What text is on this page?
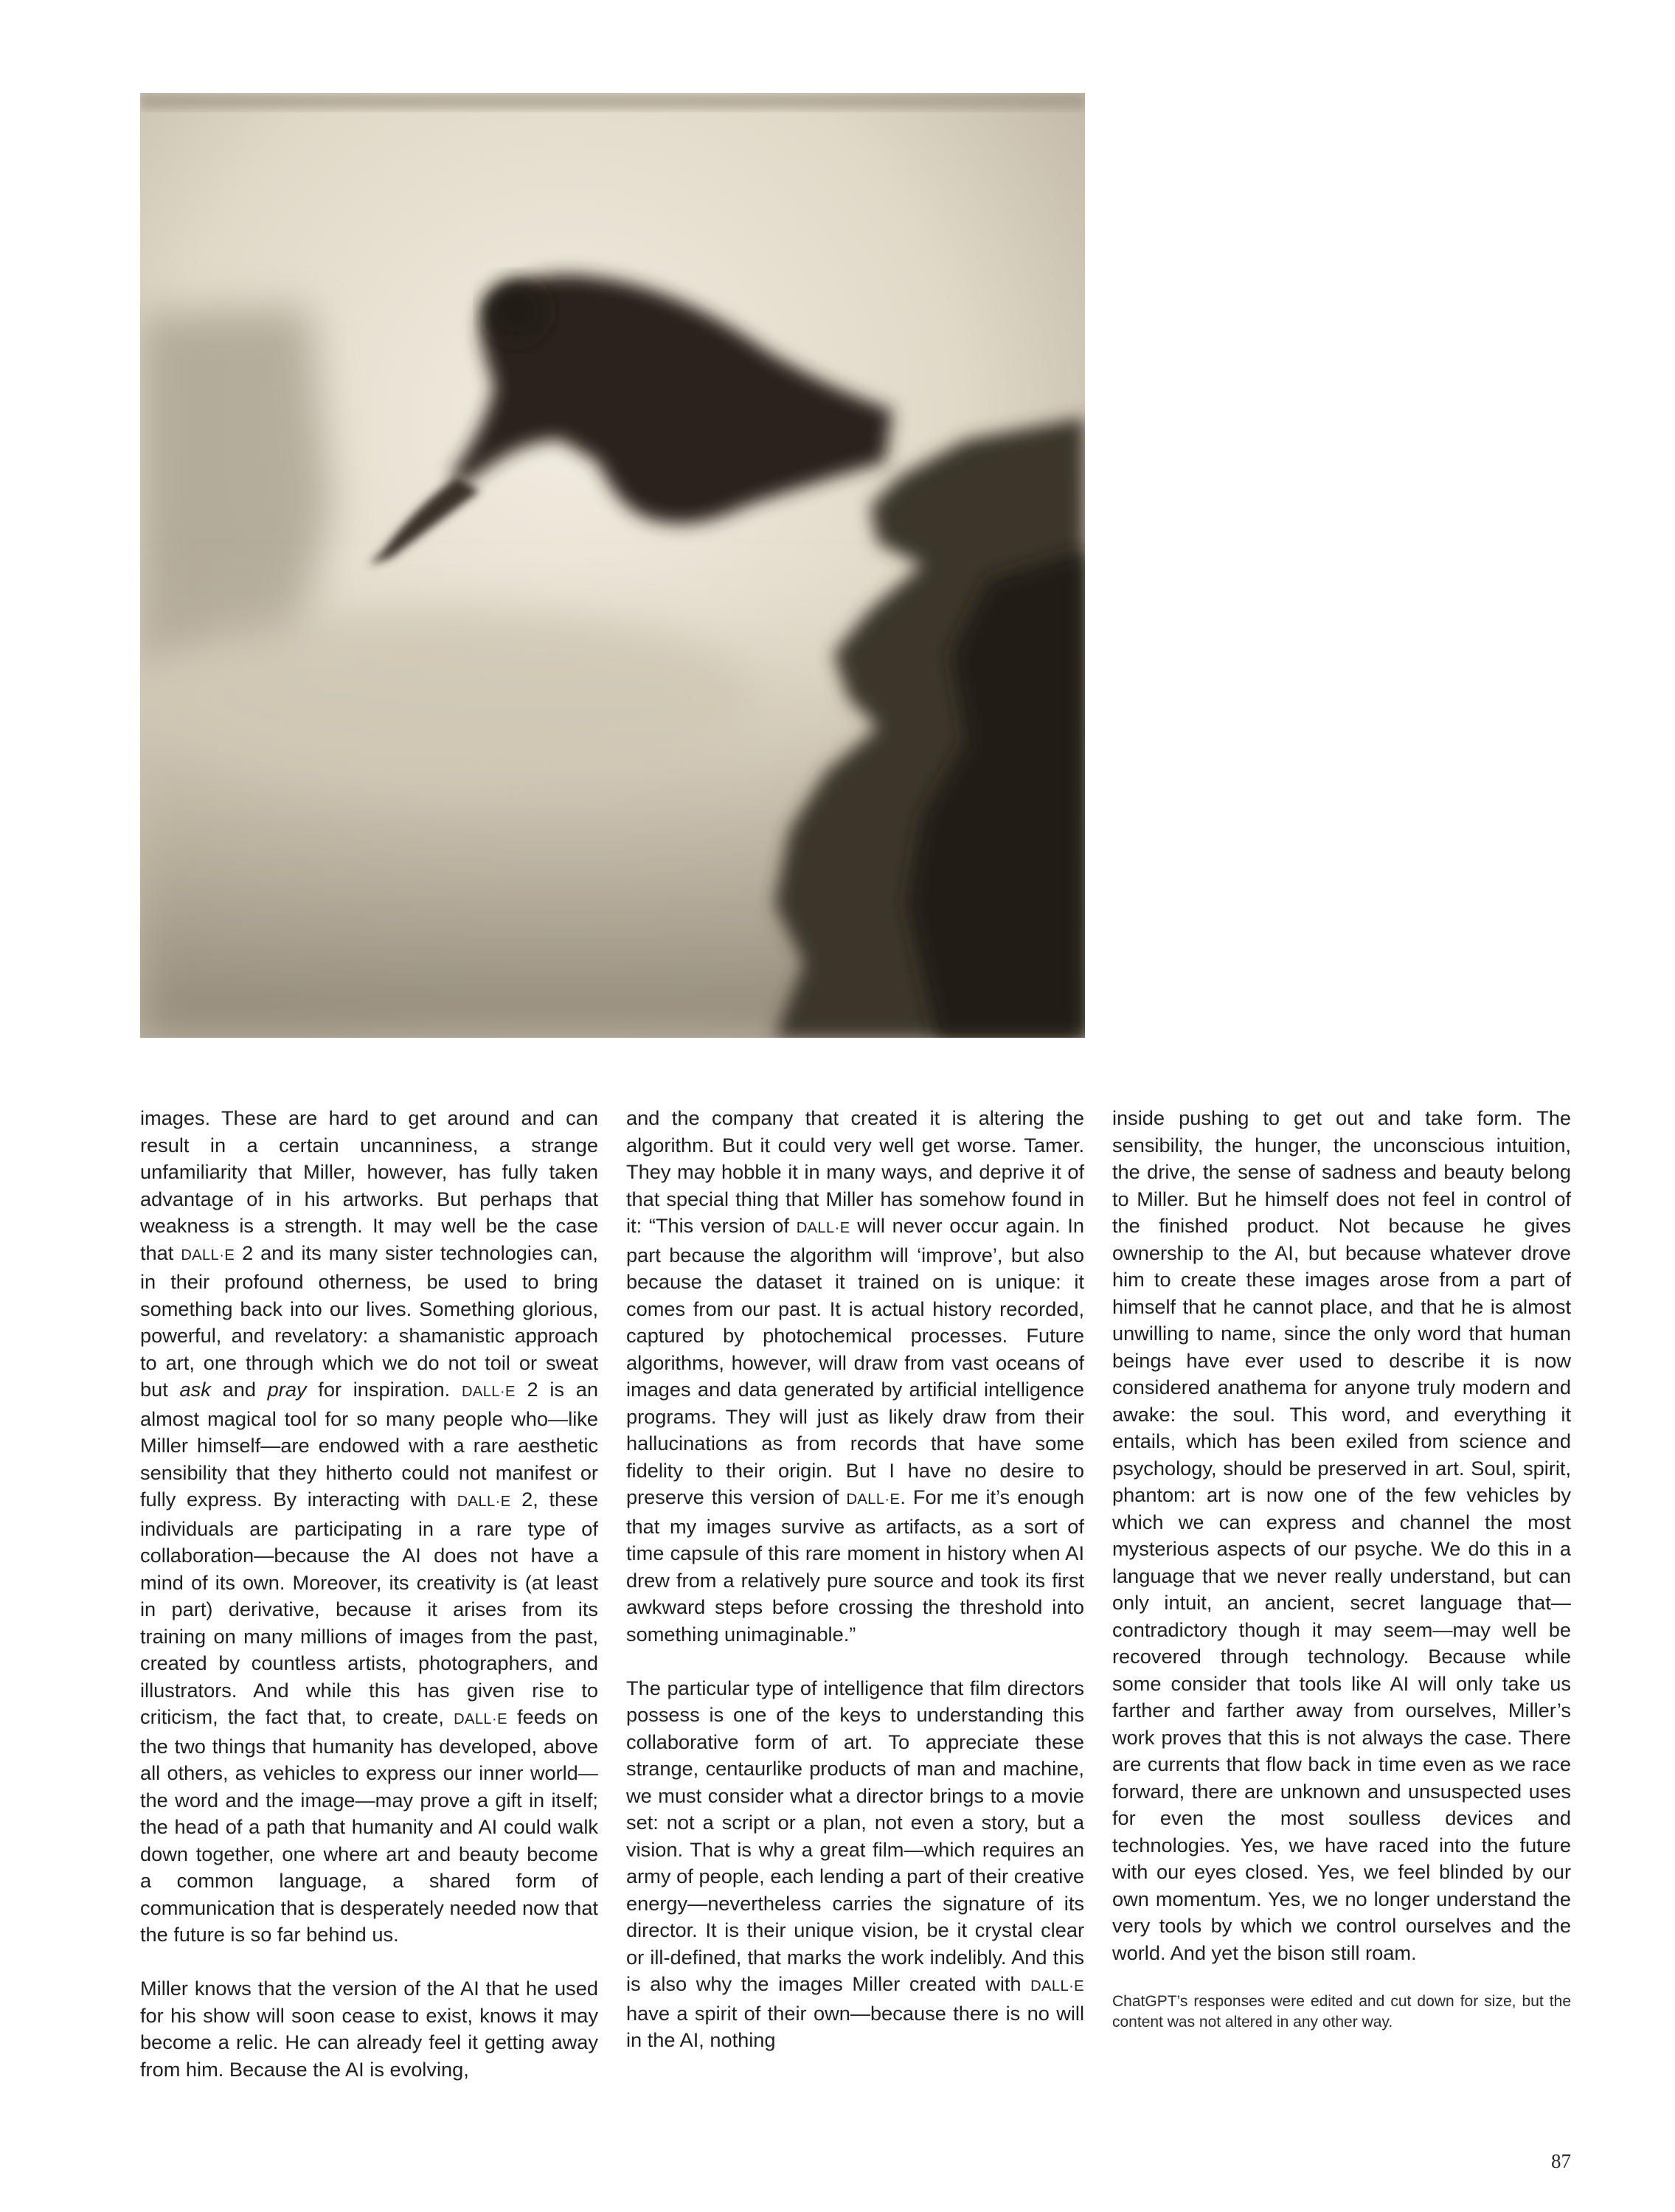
images. These are hard to get around and can result in a certain uncanniness, a strange unfamiliarity that Miller, however, has fully taken advantage of in his artworks. But perhaps that weakness is a strength. It may well be the case that DALL·E 2 and its many sister technologies can, in their profound otherness, be used to bring something back into our lives. Something glorious, powerful, and revelatory: a shamanistic approach to art, one through which we do not toil or sweat but ask and pray for inspiration. DALL·E 2 is an almost magical tool for so many people who—like Miller himself—are endowed with a rare aesthetic sensibility that they hitherto could not manifest or fully express. By interacting with DALL·E 2, these individuals are participating in a rare type of collaboration—because the AI does not have a mind of its own. Moreover, its creativity is (at least in part) derivative, because it arises from its training on many millions of images from the past, created by countless artists, photographers, and illustrators. And while this has given rise to criticism, the fact that, to create, DALL·E feeds on the two things that humanity has developed, above all others, as vehicles to express our inner world—the word and the image—may prove a gift in itself; the head of a path that humanity and AI could walk down together, one where art and beauty become a common language, a shared form of communication that is desperately needed now that the future is so far behind us.

Miller knows that the version of the AI that he used for his show will soon cease to exist, knows it may become a relic. He can already feel it getting away from him. Because the AI is evolving,

and the company that created it is altering the algorithm. But it could very well get worse. Tamer. They may hobble it in many ways, and deprive it of that special thing that Miller has somehow found in it: “This version of DALL·E will never occur again. In part because the algorithm will ‘improve’, but also because the dataset it trained on is unique: it comes from our past. It is actual history recorded, captured by photochemical processes. Future algorithms, however, will draw from vast oceans of images and data generated by artificial intelligence programs. They will just as likely draw from their hallucinations as from records that have some fidelity to their origin. But I have no desire to preserve this version of DALL·E. For me it’s enough that my images survive as artifacts, as a sort of time capsule of this rare moment in history when AI drew from a relatively pure source and took its first awkward steps before crossing the threshold into something unimaginable.”

The particular type of intelligence that film directors possess is one of the keys to understanding this collaborative form of art. To appreciate these strange, centaurlike products of man and machine, we must consider what a director brings to a movie set: not a script or a plan, not even a story, but a vision. That is why a great film—which requires an army of people, each lending a part of their creative energy—nevertheless carries the signature of its director. It is their unique vision, be it crystal clear or ill-defined, that marks the work indelibly. And this is also why the images Miller created with DALL·E have a spirit of their own—because there is no will in the AI, nothing

inside pushing to get out and take form. The sensibility, the hunger, the unconscious intuition, the drive, the sense of sadness and beauty belong to Miller. But he himself does not feel in control of the finished product. Not because he gives ownership to the AI, but because whatever drove him to create these images arose from a part of himself that he cannot place, and that he is almost unwilling to name, since the only word that human beings have ever used to describe it is now considered anathema for anyone truly modern and awake: the soul. This word, and everything it entails, which has been exiled from science and psychology, should be preserved in art. Soul, spirit, phantom: art is now one of the few vehicles by which we can express and channel the most mysterious aspects of our psyche. We do this in a language that we never really understand, but can only intuit, an ancient, secret language that—contradictory though it may seem—may well be recovered through technology. Because while some consider that tools like AI will only take us farther and farther away from ourselves, Miller’s work proves that this is not always the case. There are currents that flow back in time even as we race forward, there are unknown and unsuspected uses for even the most soulless devices and technologies. Yes, we have raced into the future with our eyes closed. Yes, we feel blinded by our own momentum. Yes, we no longer understand the very tools by which we control ourselves and the world. And yet the bison still roam.

ChatGPT’s responses were edited and cut down for size, but the content was not altered in any other way.
87
